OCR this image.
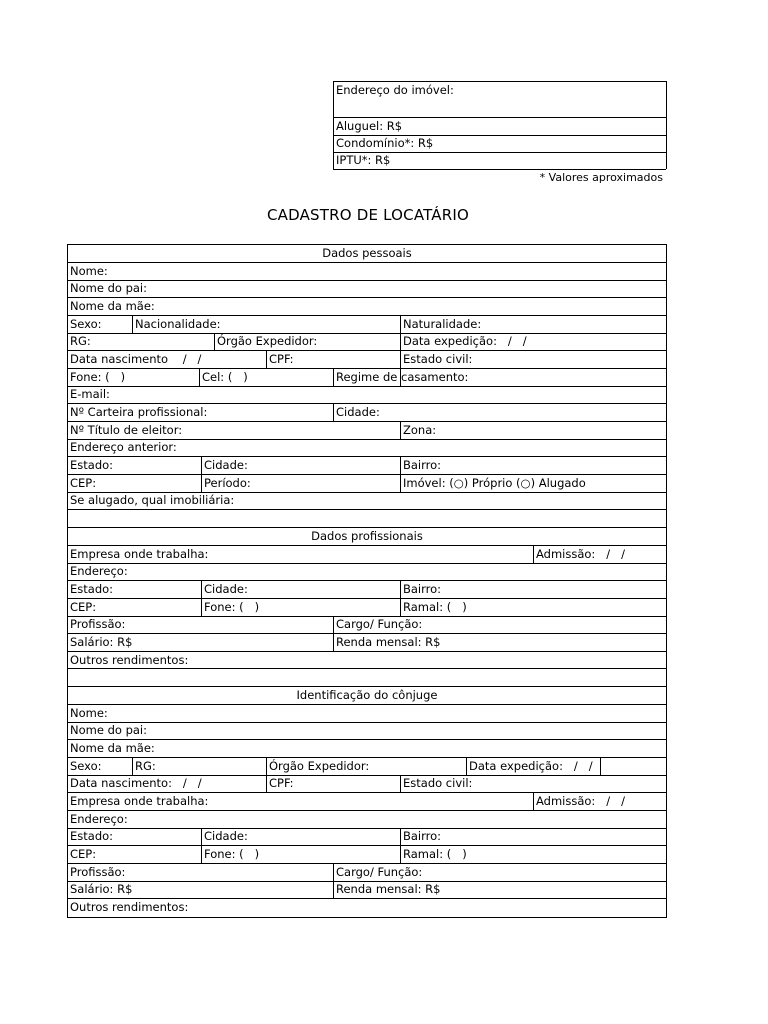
Endereço do imóvel:
Aluguel: R$
Condomínio*: R$
IPTU*: R$
* Valores aproximados
CADASTRO DE LOCATÁRIO
Dados pessoais
Nome:
Nome do pai:
Nome da mãe:
Sexo:	Nacionalidade:	Naturalidade:
RG:	Órgão Expedidor:	Data expedição:   /   /
Data nascimento    /   /	CPF:	Estado civil:
Fone: (   )	Cel: (   )	Regime de casamento:
E-mail:
Nº Carteira profissional:	Cidade:
Nº Título de eleitor:	Zona:
Endereço anterior:
Estado:	Cidade:	Bairro:
CEP:	Período:	Imóvel: (○) Próprio (○) Alugado
Se alugado, qual imobiliária:
Dados profissionais
Empresa onde trabalha:	Admissão:   /   /
Endereço:
Estado:	Cidade:	Bairro:
CEP:	Fone: (   )	Ramal: (   )
Profissão:	Cargo/ Função:
Salário: R$	Renda mensal: R$
Outros rendimentos:
Identificação do cônjuge
Nome:
Nome do pai:
Nome da mãe:
Sexo:	RG:	Órgão Expedidor:	Data expedição:   /   /
Data nascimento:   /   /	CPF:	Estado civil:
Empresa onde trabalha:	Admissão:   /   /
Endereço:
Estado:	Cidade:	Bairro:
CEP:	Fone: (   )	Ramal: (   )
Profissão:	Cargo/ Função:
Salário: R$	Renda mensal: R$
Outros rendimentos:
